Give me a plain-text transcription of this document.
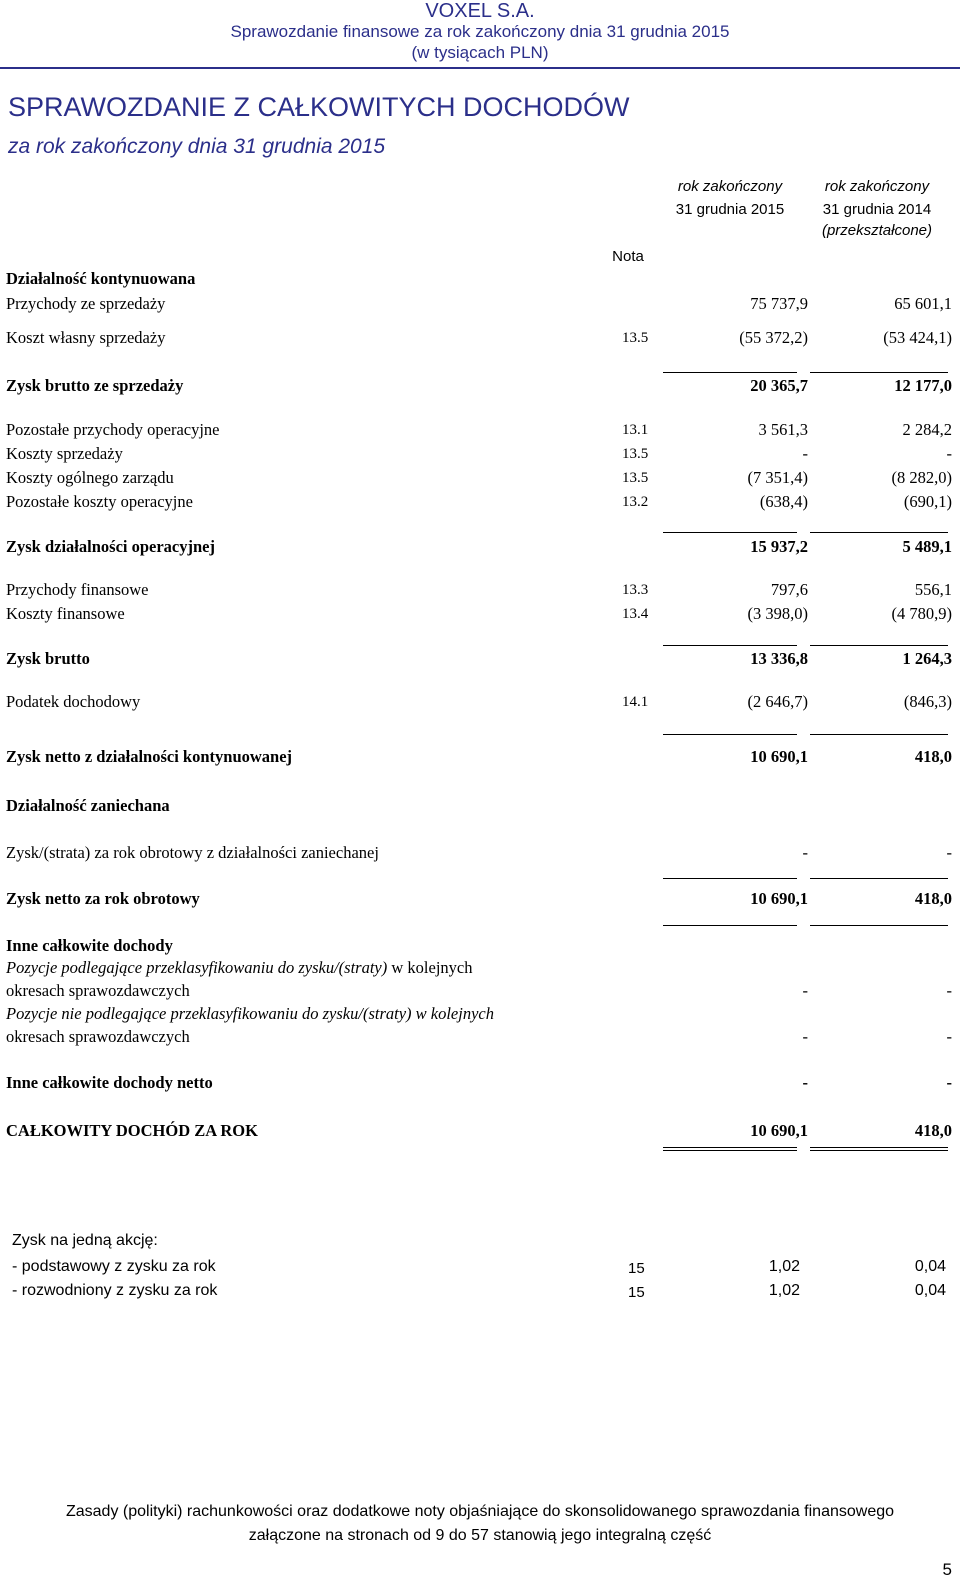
VOXEL S.A.
Sprawozdanie finansowe za rok zakończony dnia 31 grudnia 2015
(w tysiącach PLN)
SPRAWOZDANIE Z CAŁKOWITYCH DOCHODÓW
za rok zakończony dnia 31 grudnia 2015
rok zakończony
31 grudnia 2015
rok zakończony
31 grudnia 2014
(przekształcone)
Nota
Działalność kontynuowana
Przychody ze sprzedaży	75 737,9	65 601,1
Koszt własny sprzedaży	13.5	(55 372,2)	(53 424,1)
Zysk brutto ze sprzedaży	20 365,7	12 177,0
Pozostałe przychody operacyjne	13.1	3 561,3	2 284,2
Koszty sprzedaży	13.5	-	-
Koszty ogólnego zarządu	13.5	(7 351,4)	(8 282,0)
Pozostałe koszty operacyjne	13.2	(638,4)	(690,1)
Zysk działalności operacyjnej	15 937,2	5 489,1
Przychody finansowe	13.3	797,6	556,1
Koszty finansowe	13.4	(3 398,0)	(4 780,9)
Zysk brutto	13 336,8	1 264,3
Podatek dochodowy	14.1	(2 646,7)	(846,3)
Zysk netto z działalności kontynuowanej	10 690,1	418,0
Działalność zaniechana
Zysk/(strata) za rok obrotowy z działalności zaniechanej	-	-
Zysk netto za rok obrotowy	10 690,1	418,0
Inne całkowite dochody
Pozycje podlegające przeklasyfikowaniu do zysku/(straty) w kolejnych
okresach sprawozdawczych	-	-
Pozycje nie podlegające przeklasyfikowaniu do zysku/(straty) w kolejnych
okresach sprawozdawczych	-	-
Inne całkowite dochody netto	-	-
CAŁKOWITY DOCHÓD ZA ROK	10 690,1	418,0
Zysk na jedną akcję:
- podstawowy z zysku za rok	15	1,02	0,04
- rozwodniony z zysku za rok	15	1,02	0,04
Zasady (polityki) rachunkowości oraz dodatkowe noty objaśniające do skonsolidowanego sprawozdania finansowego
załączone na stronach od 9 do 57 stanowią jego integralną część
5
